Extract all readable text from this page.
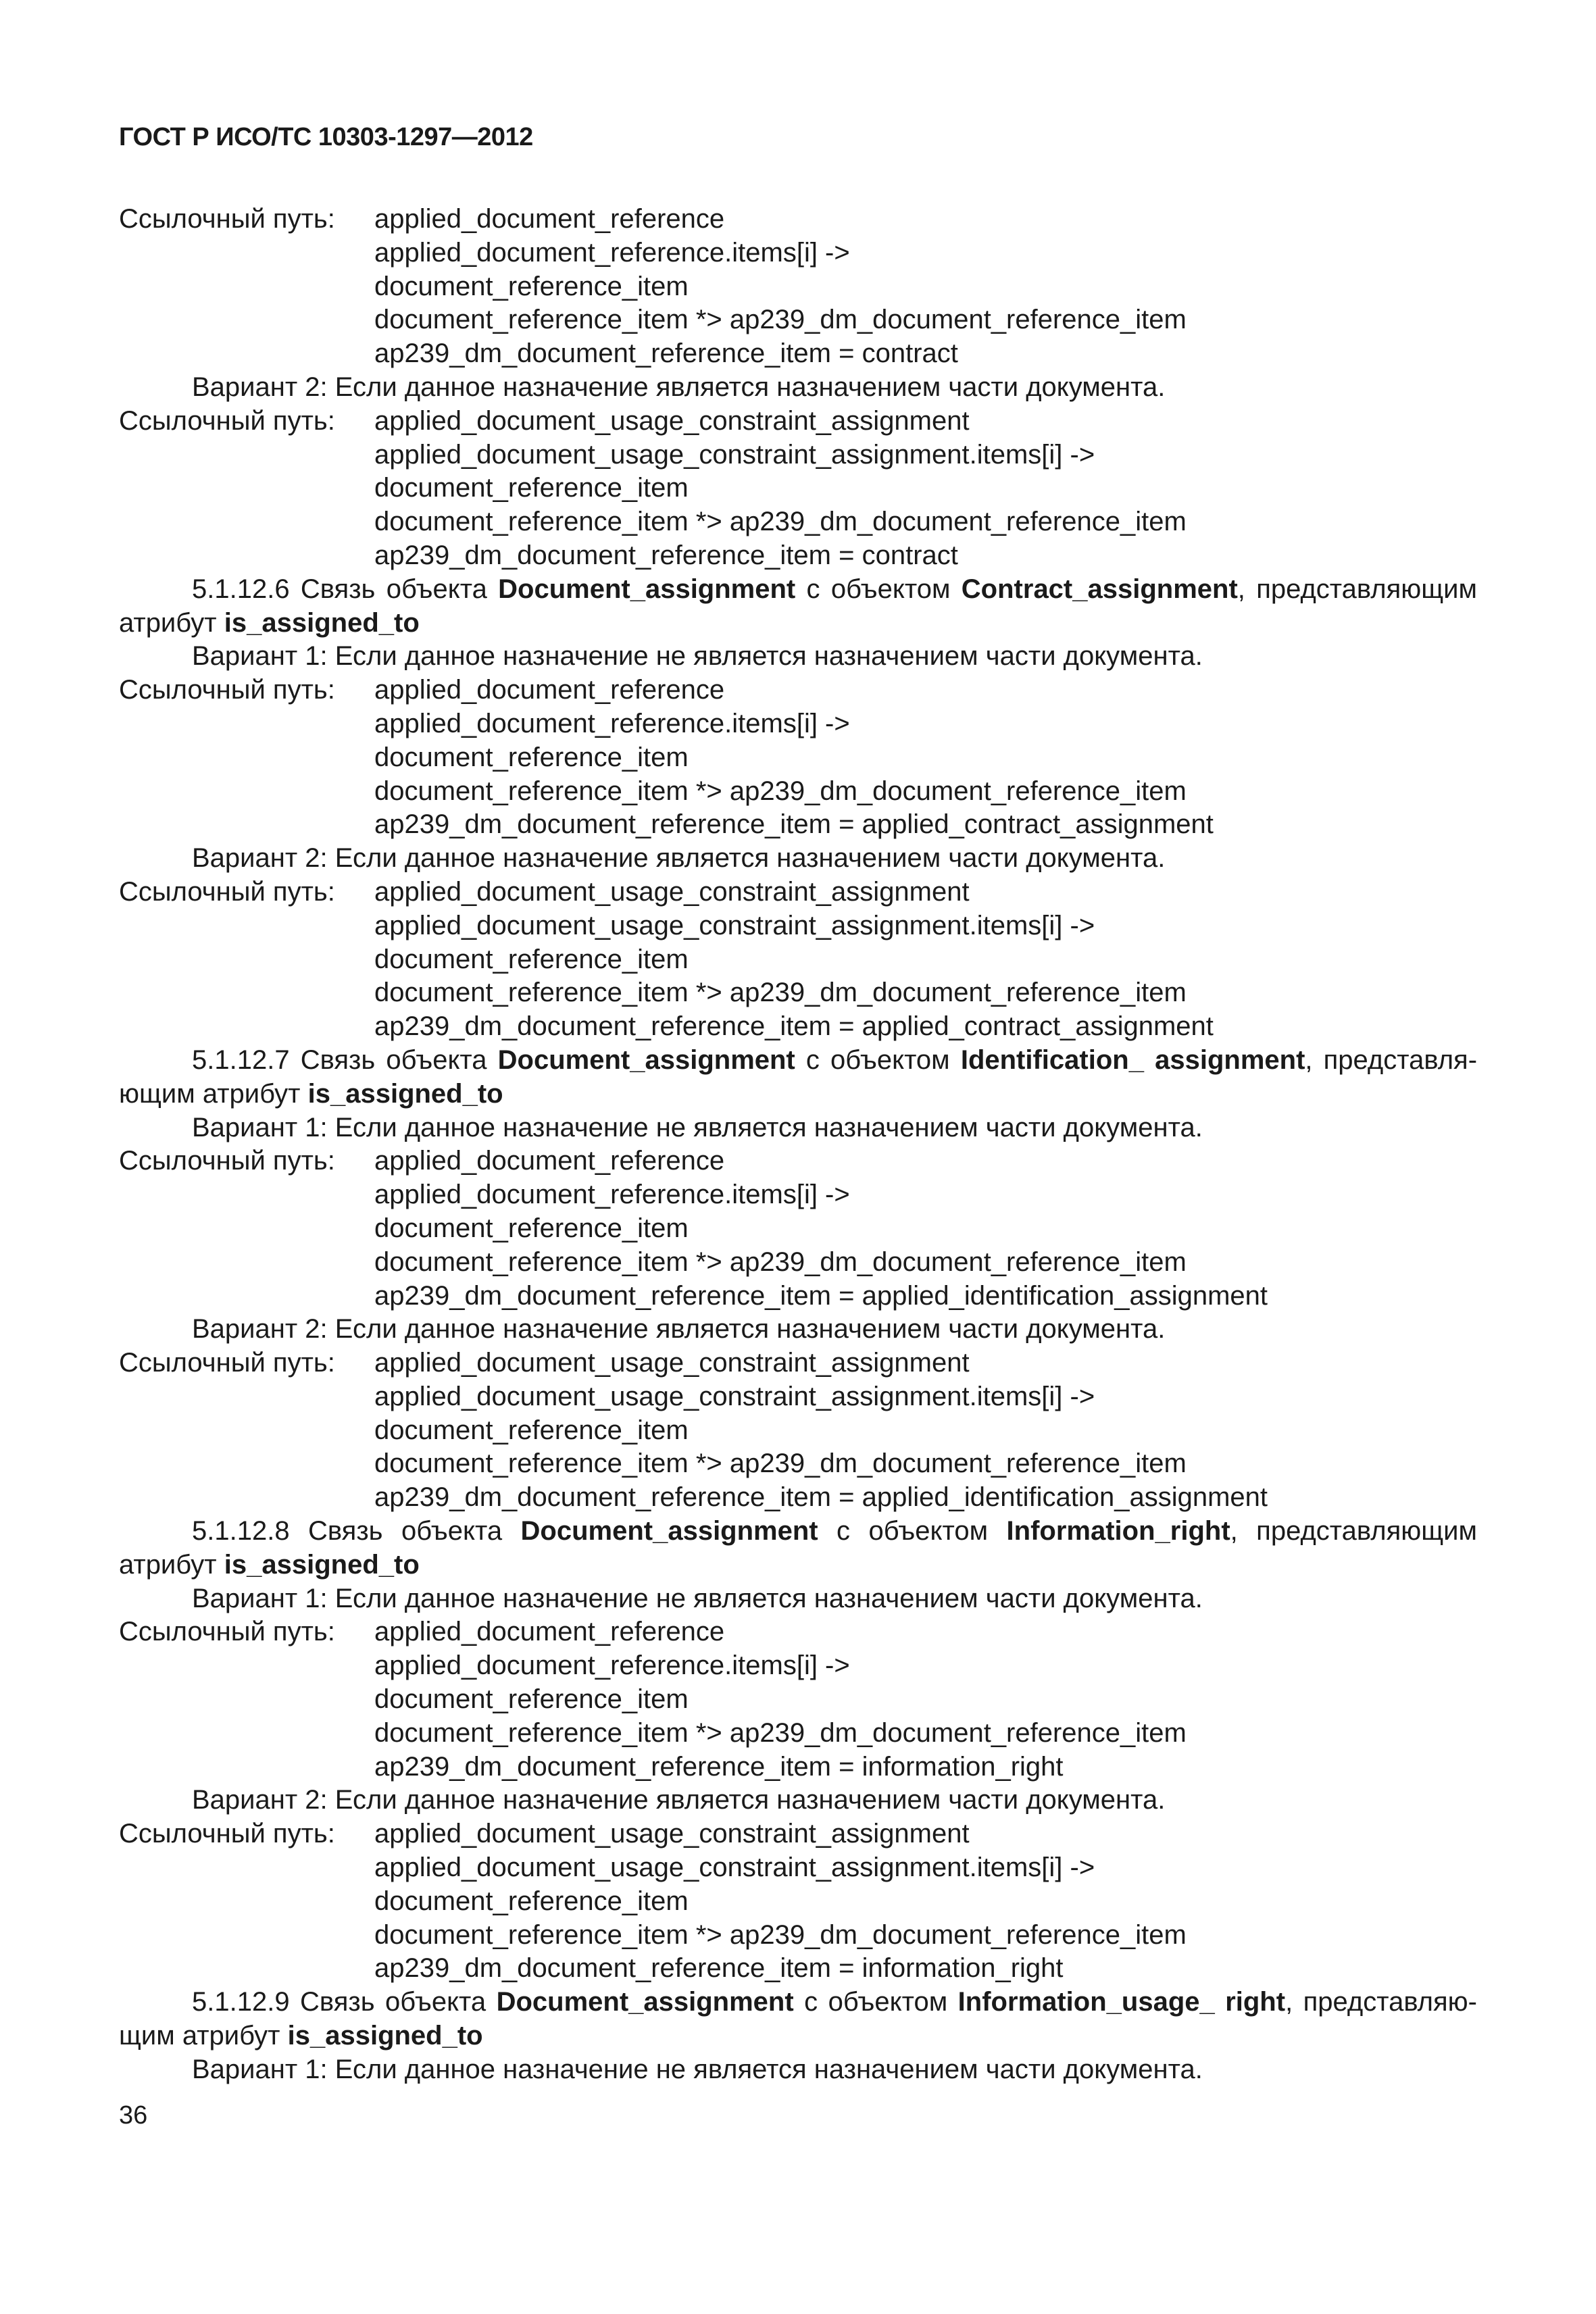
ГОСТ Р ИСО/ТС 10303-1297—2012
Ссылочный путь: applied_document_reference
applied_document_reference.items[i] ->
document_reference_item
document_reference_item *> ap239_dm_document_reference_item
ap239_dm_document_reference_item = contract
Вариант 2: Если данное назначение является назначением части документа.
Ссылочный путь: applied_document_usage_constraint_assignment
applied_document_usage_constraint_assignment.items[i] ->
document_reference_item
document_reference_item *> ap239_dm_document_reference_item
ap239_dm_document_reference_item = contract
5.1.12.6 Связь объекта Document_assignment с объектом Contract_assignment, представляющим
атрибут is_assigned_to
Вариант 1: Если данное назначение не является назначением части документа.
Ссылочный путь: applied_document_reference
applied_document_reference.items[i] ->
document_reference_item
document_reference_item *> ap239_dm_document_reference_item
ap239_dm_document_reference_item = applied_contract_assignment
Вариант 2: Если данное назначение является назначением части документа.
Ссылочный путь: applied_document_usage_constraint_assignment
applied_document_usage_constraint_assignment.items[i] ->
document_reference_item
document_reference_item *> ap239_dm_document_reference_item
ap239_dm_document_reference_item = applied_contract_assignment
5.1.12.7 Связь объекта Document_assignment с объектом Identification_ assignment, представля-
ющим атрибут is_assigned_to
Вариант 1: Если данное назначение не является назначением части документа.
Ссылочный путь: applied_document_reference
applied_document_reference.items[i] ->
document_reference_item
document_reference_item *> ap239_dm_document_reference_item
ap239_dm_document_reference_item = applied_identification_assignment
Вариант 2: Если данное назначение является назначением части документа.
Ссылочный путь: applied_document_usage_constraint_assignment
applied_document_usage_constraint_assignment.items[i] ->
document_reference_item
document_reference_item *> ap239_dm_document_reference_item
ap239_dm_document_reference_item = applied_identification_assignment
5.1.12.8 Связь объекта Document_assignment с объектом Information_right, представляющим
атрибут is_assigned_to
Вариант 1: Если данное назначение не является назначением части документа.
Ссылочный путь: applied_document_reference
applied_document_reference.items[i] ->
document_reference_item
document_reference_item *> ap239_dm_document_reference_item
ap239_dm_document_reference_item = information_right
Вариант 2: Если данное назначение является назначением части документа.
Ссылочный путь: applied_document_usage_constraint_assignment
applied_document_usage_constraint_assignment.items[i] ->
document_reference_item
document_reference_item *> ap239_dm_document_reference_item
ap239_dm_document_reference_item = information_right
5.1.12.9 Связь объекта Document_assignment с объектом Information_usage_ right, представляю-
щим атрибут is_assigned_to
Вариант 1: Если данное назначение не является назначением части документа.
36
